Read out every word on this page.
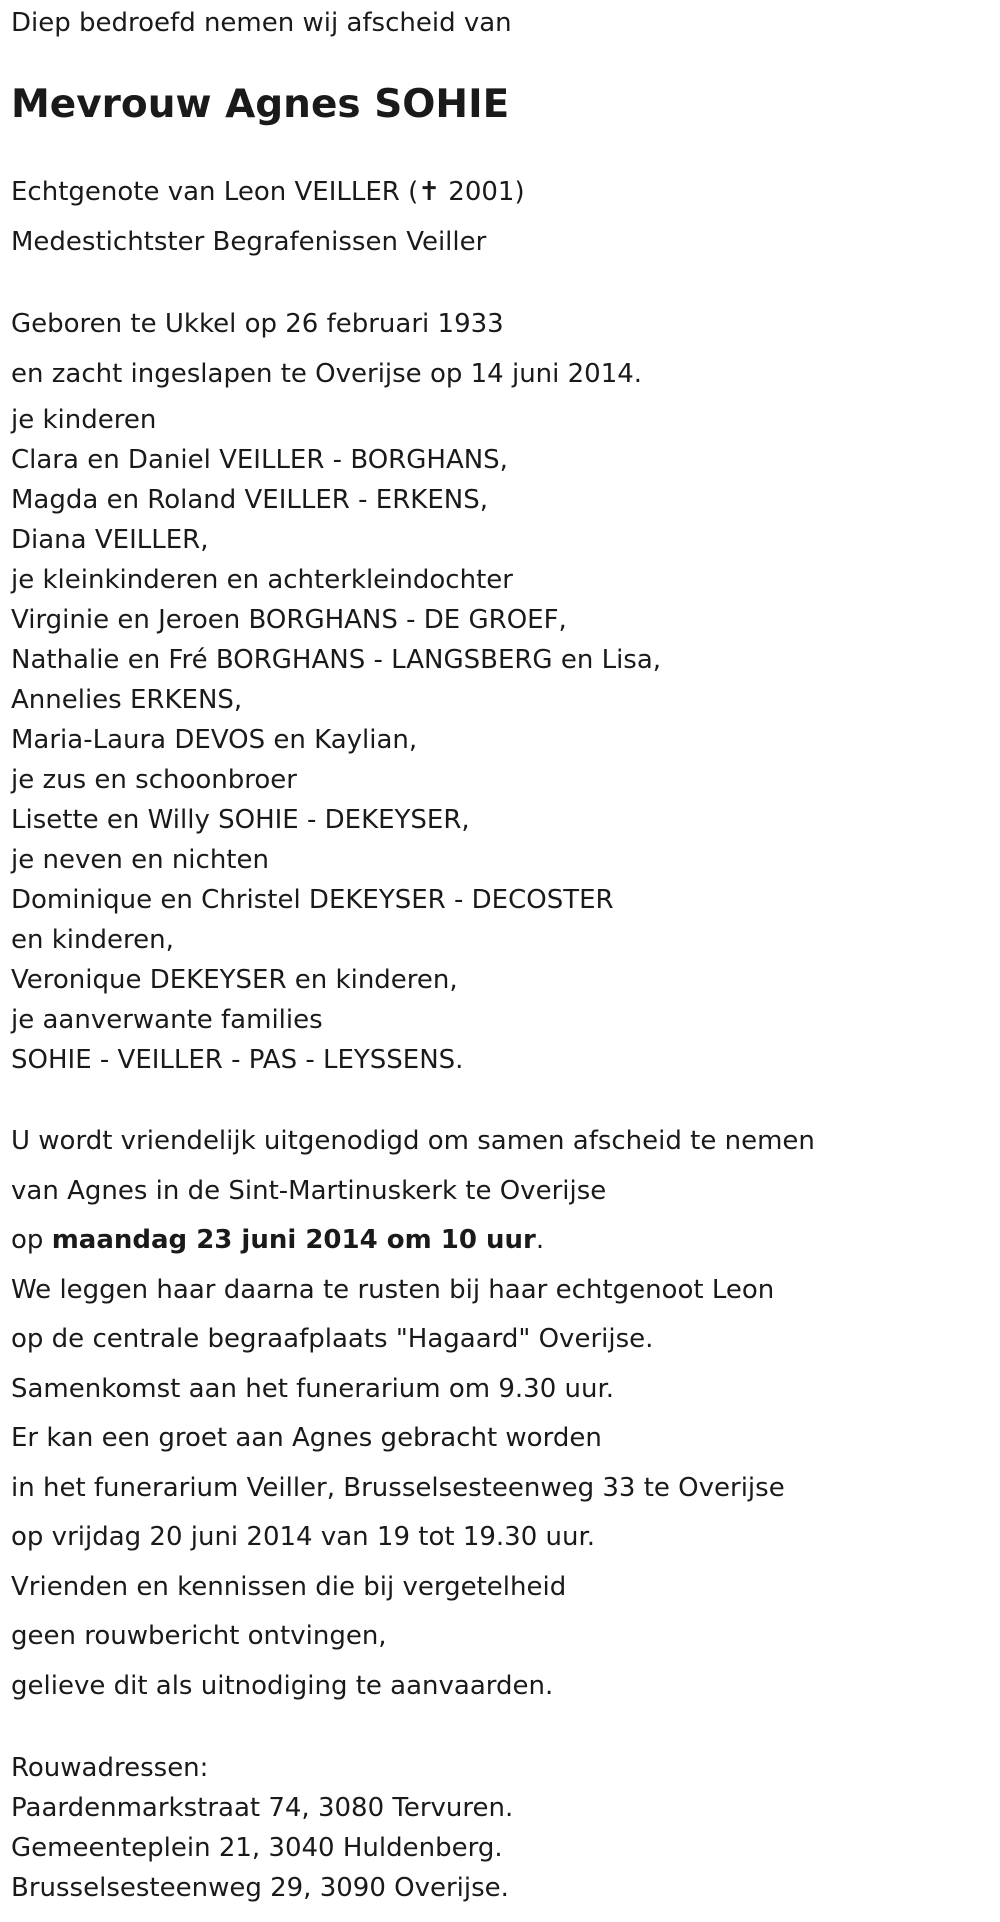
Diep bedroefd nemen wij afscheid van

Mevrouw Agnes SOHIE

Echtgenote van Leon VEILLER (✝ 2001)

Medestichtster Begrafenissen Veiller

Geboren te Ukkel op 26 februari 1933

en zacht ingeslapen te Overijse op 14 juni 2014.

je kinderen

Clara en Daniel VEILLER - BORGHANS,

Magda en Roland VEILLER - ERKENS,

Diana VEILLER,

je kleinkinderen en achterkleindochter

Virginie en Jeroen BORGHANS - DE GROEF,

Nathalie en Fré BORGHANS - LANGSBERG en Lisa,

Annelies ERKENS,

Maria-Laura DEVOS en Kaylian,

je zus en schoonbroer

Lisette en Willy SOHIE - DEKEYSER,

je neven en nichten

Dominique en Christel DEKEYSER - DECOSTER

en kinderen,

Veronique DEKEYSER en kinderen,

je aanverwante families

SOHIE - VEILLER - PAS - LEYSSENS.

U wordt vriendelijk uitgenodigd om samen afscheid te nemen

van Agnes in de Sint-Martinuskerk te Overijse

op maandag 23 juni 2014 om 10 uur.

We leggen haar daarna te rusten bij haar echtgenoot Leon

op de centrale begraafplaats "Hagaard" Overijse.

Samenkomst aan het funerarium om 9.30 uur.

Er kan een groet aan Agnes gebracht worden

in het funerarium Veiller, Brusselsesteenweg 33 te Overijse

op vrijdag 20 juni 2014 van 19 tot 19.30 uur.

Vrienden en kennissen die bij vergetelheid

geen rouwbericht ontvingen,

gelieve dit als uitnodiging te aanvaarden.

Rouwadressen:

Paardenmarkstraat 74, 3080 Tervuren.

Gemeenteplein 21, 3040 Huldenberg.

Brusselsesteenweg 29, 3090 Overijse.
